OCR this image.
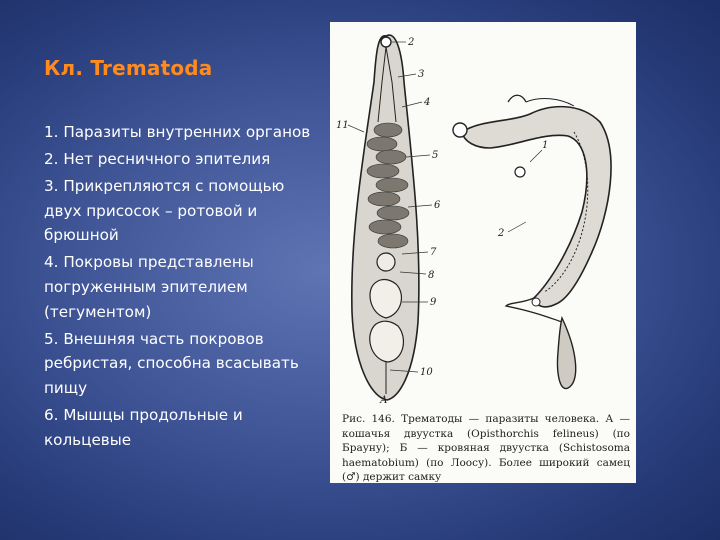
Кл. Trematoda
1. Паразиты внутренних органов
2. Нет ресничного эпителия
3. Прикрепляются с помощью двух присосок – ротовой и брюшной
4. Покровы представлены погруженным эпителием (тегументом)
5. Внешняя часть покровов ребристая, способна всасывать пищу
6. Мышцы продольные и кольцевые
2
3
4
11
5
6
7
8
9
10
А
1
2
Рис. 146. Трематоды — паразиты человека. А — кошачья двуустка (Opisthorchis felineus) (по Брауну); Б — кровяная двуустка (Schistosoma haematobium) (по Лоосу). Более широкий самец (♂) держит самку
